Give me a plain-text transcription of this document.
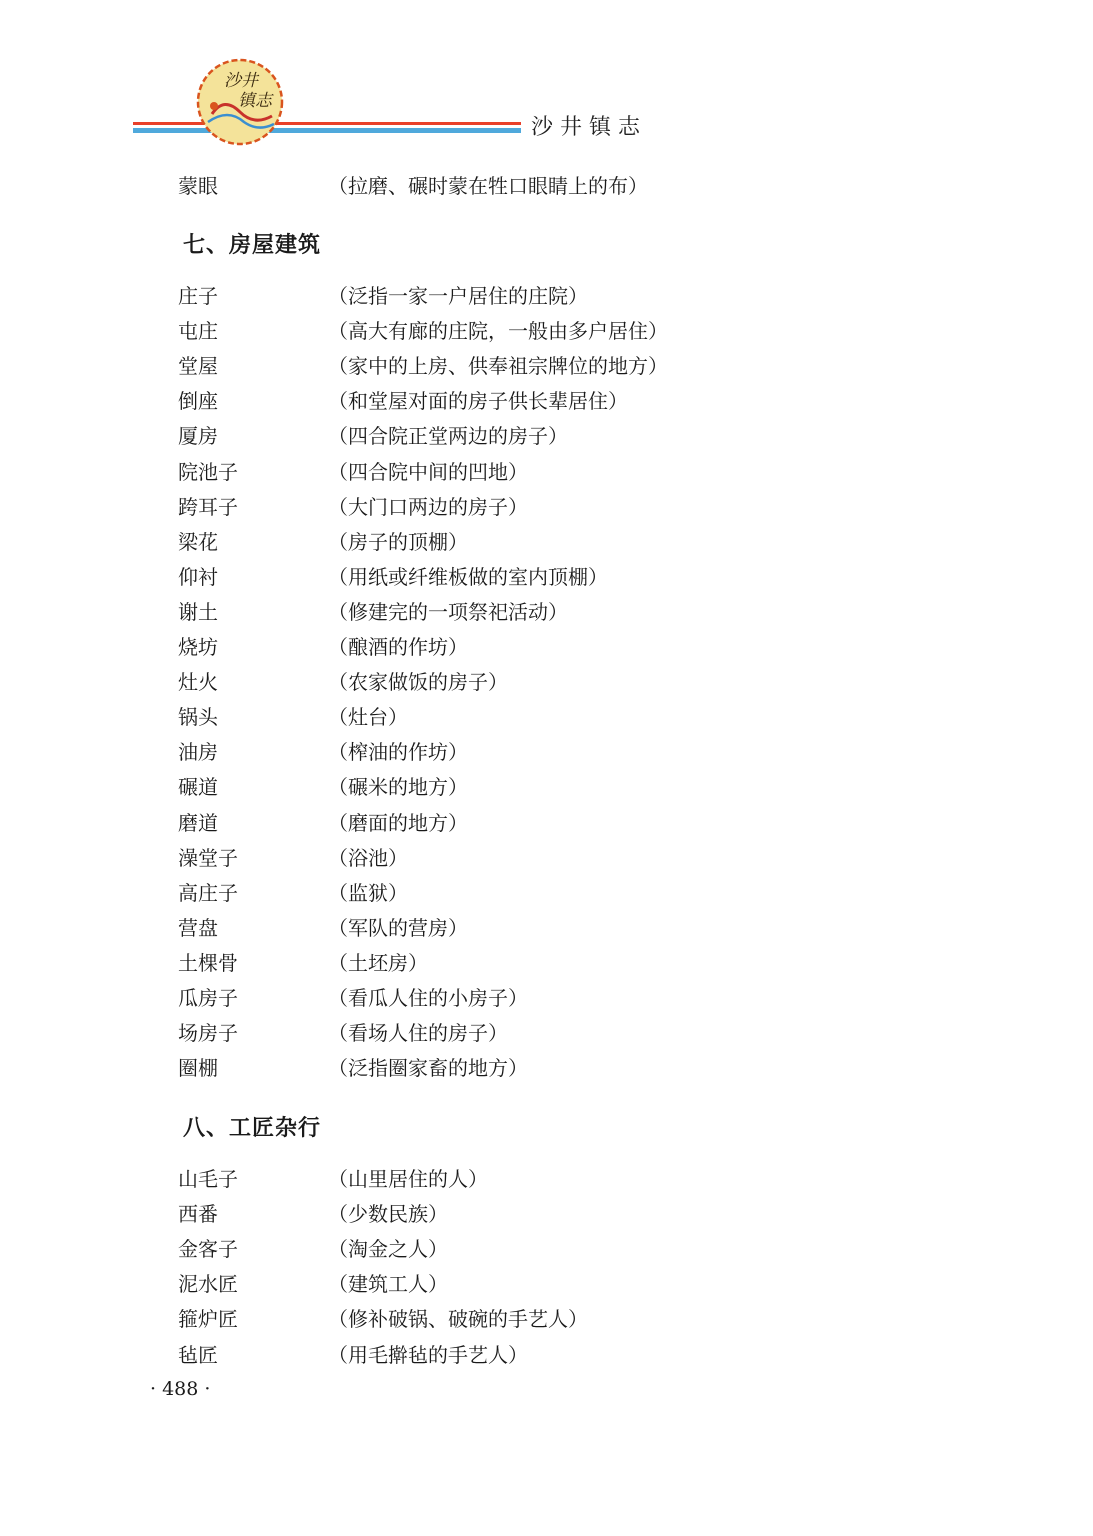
沙井
镇志
沙井镇志
蒙眼	（拉磨、碾时蒙在牲口眼睛上的布）
七、房屋建筑
庄子	（泛指一家一户居住的庄院）
屯庄	（高大有廊的庄院，一般由多户居住）
堂屋	（家中的上房、供奉祖宗牌位的地方）
倒座	（和堂屋对面的房子供长辈居住）
厦房	（四合院正堂两边的房子）
院池子	（四合院中间的凹地）
跨耳子	（大门口两边的房子）
梁花	（房子的顶棚）
仰衬	（用纸或纤维板做的室内顶棚）
谢土	（修建完的一项祭祀活动）
烧坊	（酿酒的作坊）
灶火	（农家做饭的房子）
锅头	（灶台）
油房	（榨油的作坊）
碾道	（碾米的地方）
磨道	（磨面的地方）
澡堂子	（浴池）
高庄子	（监狱）
营盘	（军队的营房）
土棵骨	（土坯房）
瓜房子	（看瓜人住的小房子）
场房子	（看场人住的房子）
圈棚	（泛指圈家畜的地方）
八、工匠杂行
山毛子	（山里居住的人）
西番	（少数民族）
金客子	（淘金之人）
泥水匠	（建筑工人）
箍炉匠	（修补破锅、破碗的手艺人）
毡匠	（用毛擀毡的手艺人）
· 488 ·
